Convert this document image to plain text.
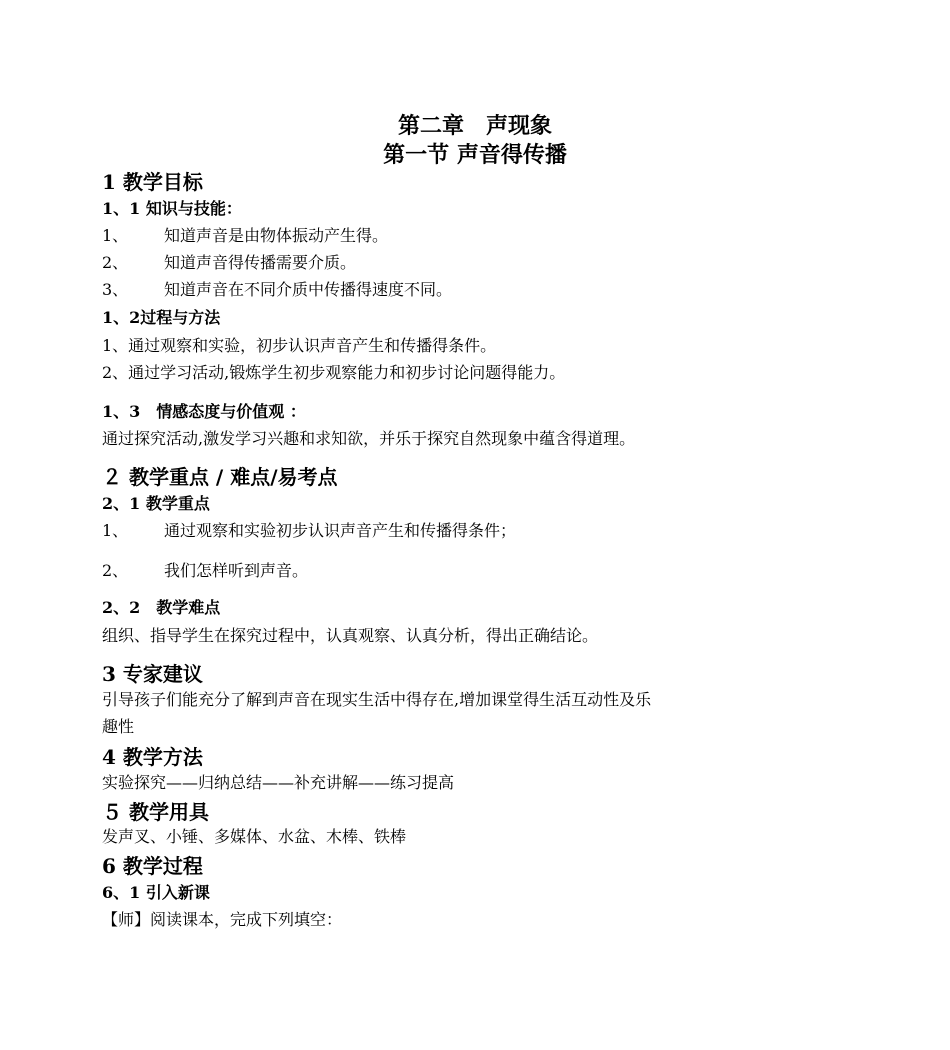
第二章　声现象
第一节 声音得传播
1 教学目标
1、1 知识与技能：
1、 知道声音是由物体振动产生得。
2、 知道声音得传播需要介质。
3、 知道声音在不同介质中传播得速度不同。
1、2过程与方法
1、通过观察和实验，初步认识声音产生和传播得条件。
2、通过学习活动,锻炼学生初步观察能力和初步讨论问题得能力。
1、3　情感态度与价值观 ：
通过探究活动,激发学习兴趣和求知欲，并乐于探究自然现象中蕴含得道理。
２ 教学重点 / 难点/易考点
2、1 教学重点
1、 通过观察和实验初步认识声音产生和传播得条件；
2、 我们怎样听到声音。
2、2　教学难点
组织、指导学生在探究过程中，认真观察、认真分析，得出正确结论。
3 专家建议
引导孩子们能充分了解到声音在现实生活中得存在,增加课堂得生活互动性及乐
趣性
4 教学方法
实验探究——归纳总结——补充讲解——练习提高
５ 教学用具
发声叉、小锤、多媒体、水盆、木棒、铁棒
6 教学过程
6、1 引入新课
【师】阅读课本，完成下列填空：
